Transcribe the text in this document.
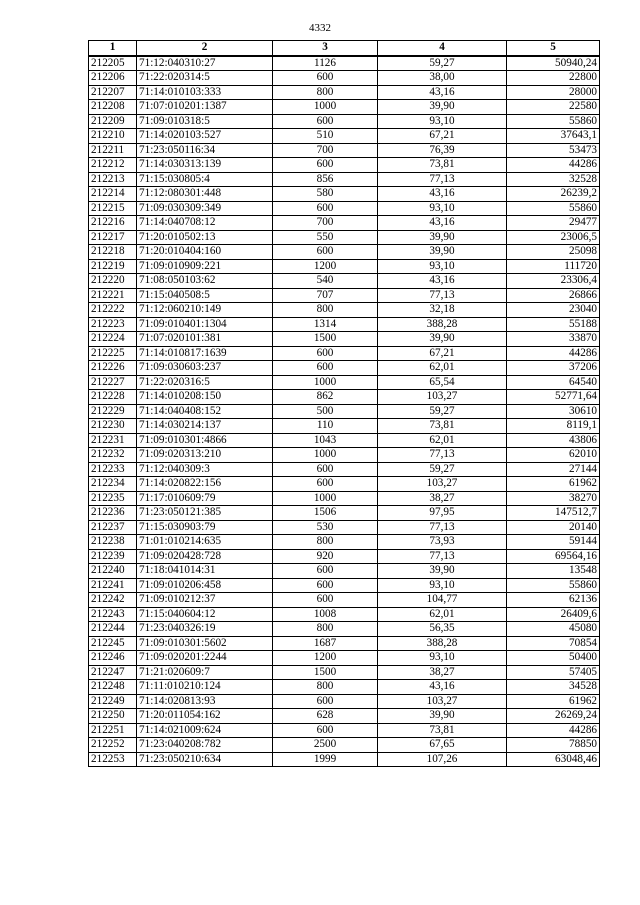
4332
1	2	3	4	5
212205	71:12:040310:27	1126	59,27	50940,24
212206	71:22:020314:5	600	38,00	22800
212207	71:14:010103:333	800	43,16	28000
212208	71:07:010201:1387	1000	39,90	22580
212209	71:09:010318:5	600	93,10	55860
212210	71:14:020103:527	510	67,21	37643,1
212211	71:23:050116:34	700	76,39	53473
212212	71:14:030313:139	600	73,81	44286
212213	71:15:030805:4	856	77,13	32528
212214	71:12:080301:448	580	43,16	26239,2
212215	71:09:030309:349	600	93,10	55860
212216	71:14:040708:12	700	43,16	29477
212217	71:20:010502:13	550	39,90	23006,5
212218	71:20:010404:160	600	39,90	25098
212219	71:09:010909:221	1200	93,10	111720
212220	71:08:050103:62	540	43,16	23306,4
212221	71:15:040508:5	707	77,13	26866
212222	71:12:060210:149	800	32,18	23040
212223	71:09:010401:1304	1314	388,28	55188
212224	71:07:020101:381	1500	39,90	33870
212225	71:14:010817:1639	600	67,21	44286
212226	71:09:030603:237	600	62,01	37206
212227	71:22:020316:5	1000	65,54	64540
212228	71:14:010208:150	862	103,27	52771,64
212229	71:14:040408:152	500	59,27	30610
212230	71:14:030214:137	110	73,81	8119,1
212231	71:09:010301:4866	1043	62,01	43806
212232	71:09:020313:210	1000	77,13	62010
212233	71:12:040309:3	600	59,27	27144
212234	71:14:020822:156	600	103,27	61962
212235	71:17:010609:79	1000	38,27	38270
212236	71:23:050121:385	1506	97,95	147512,7
212237	71:15:030903:79	530	77,13	20140
212238	71:01:010214:635	800	73,93	59144
212239	71:09:020428:728	920	77,13	69564,16
212240	71:18:041014:31	600	39,90	13548
212241	71:09:010206:458	600	93,10	55860
212242	71:09:010212:37	600	104,77	62136
212243	71:15:040604:12	1008	62,01	26409,6
212244	71:23:040326:19	800	56,35	45080
212245	71:09:010301:5602	1687	388,28	70854
212246	71:09:020201:2244	1200	93,10	50400
212247	71:21:020609:7	1500	38,27	57405
212248	71:11:010210:124	800	43,16	34528
212249	71:14:020813:93	600	103,27	61962
212250	71:20:011054:162	628	39,90	26269,24
212251	71:14:021009:624	600	73,81	44286
212252	71:23:040208:782	2500	67,65	78850
212253	71:23:050210:634	1999	107,26	63048,46
